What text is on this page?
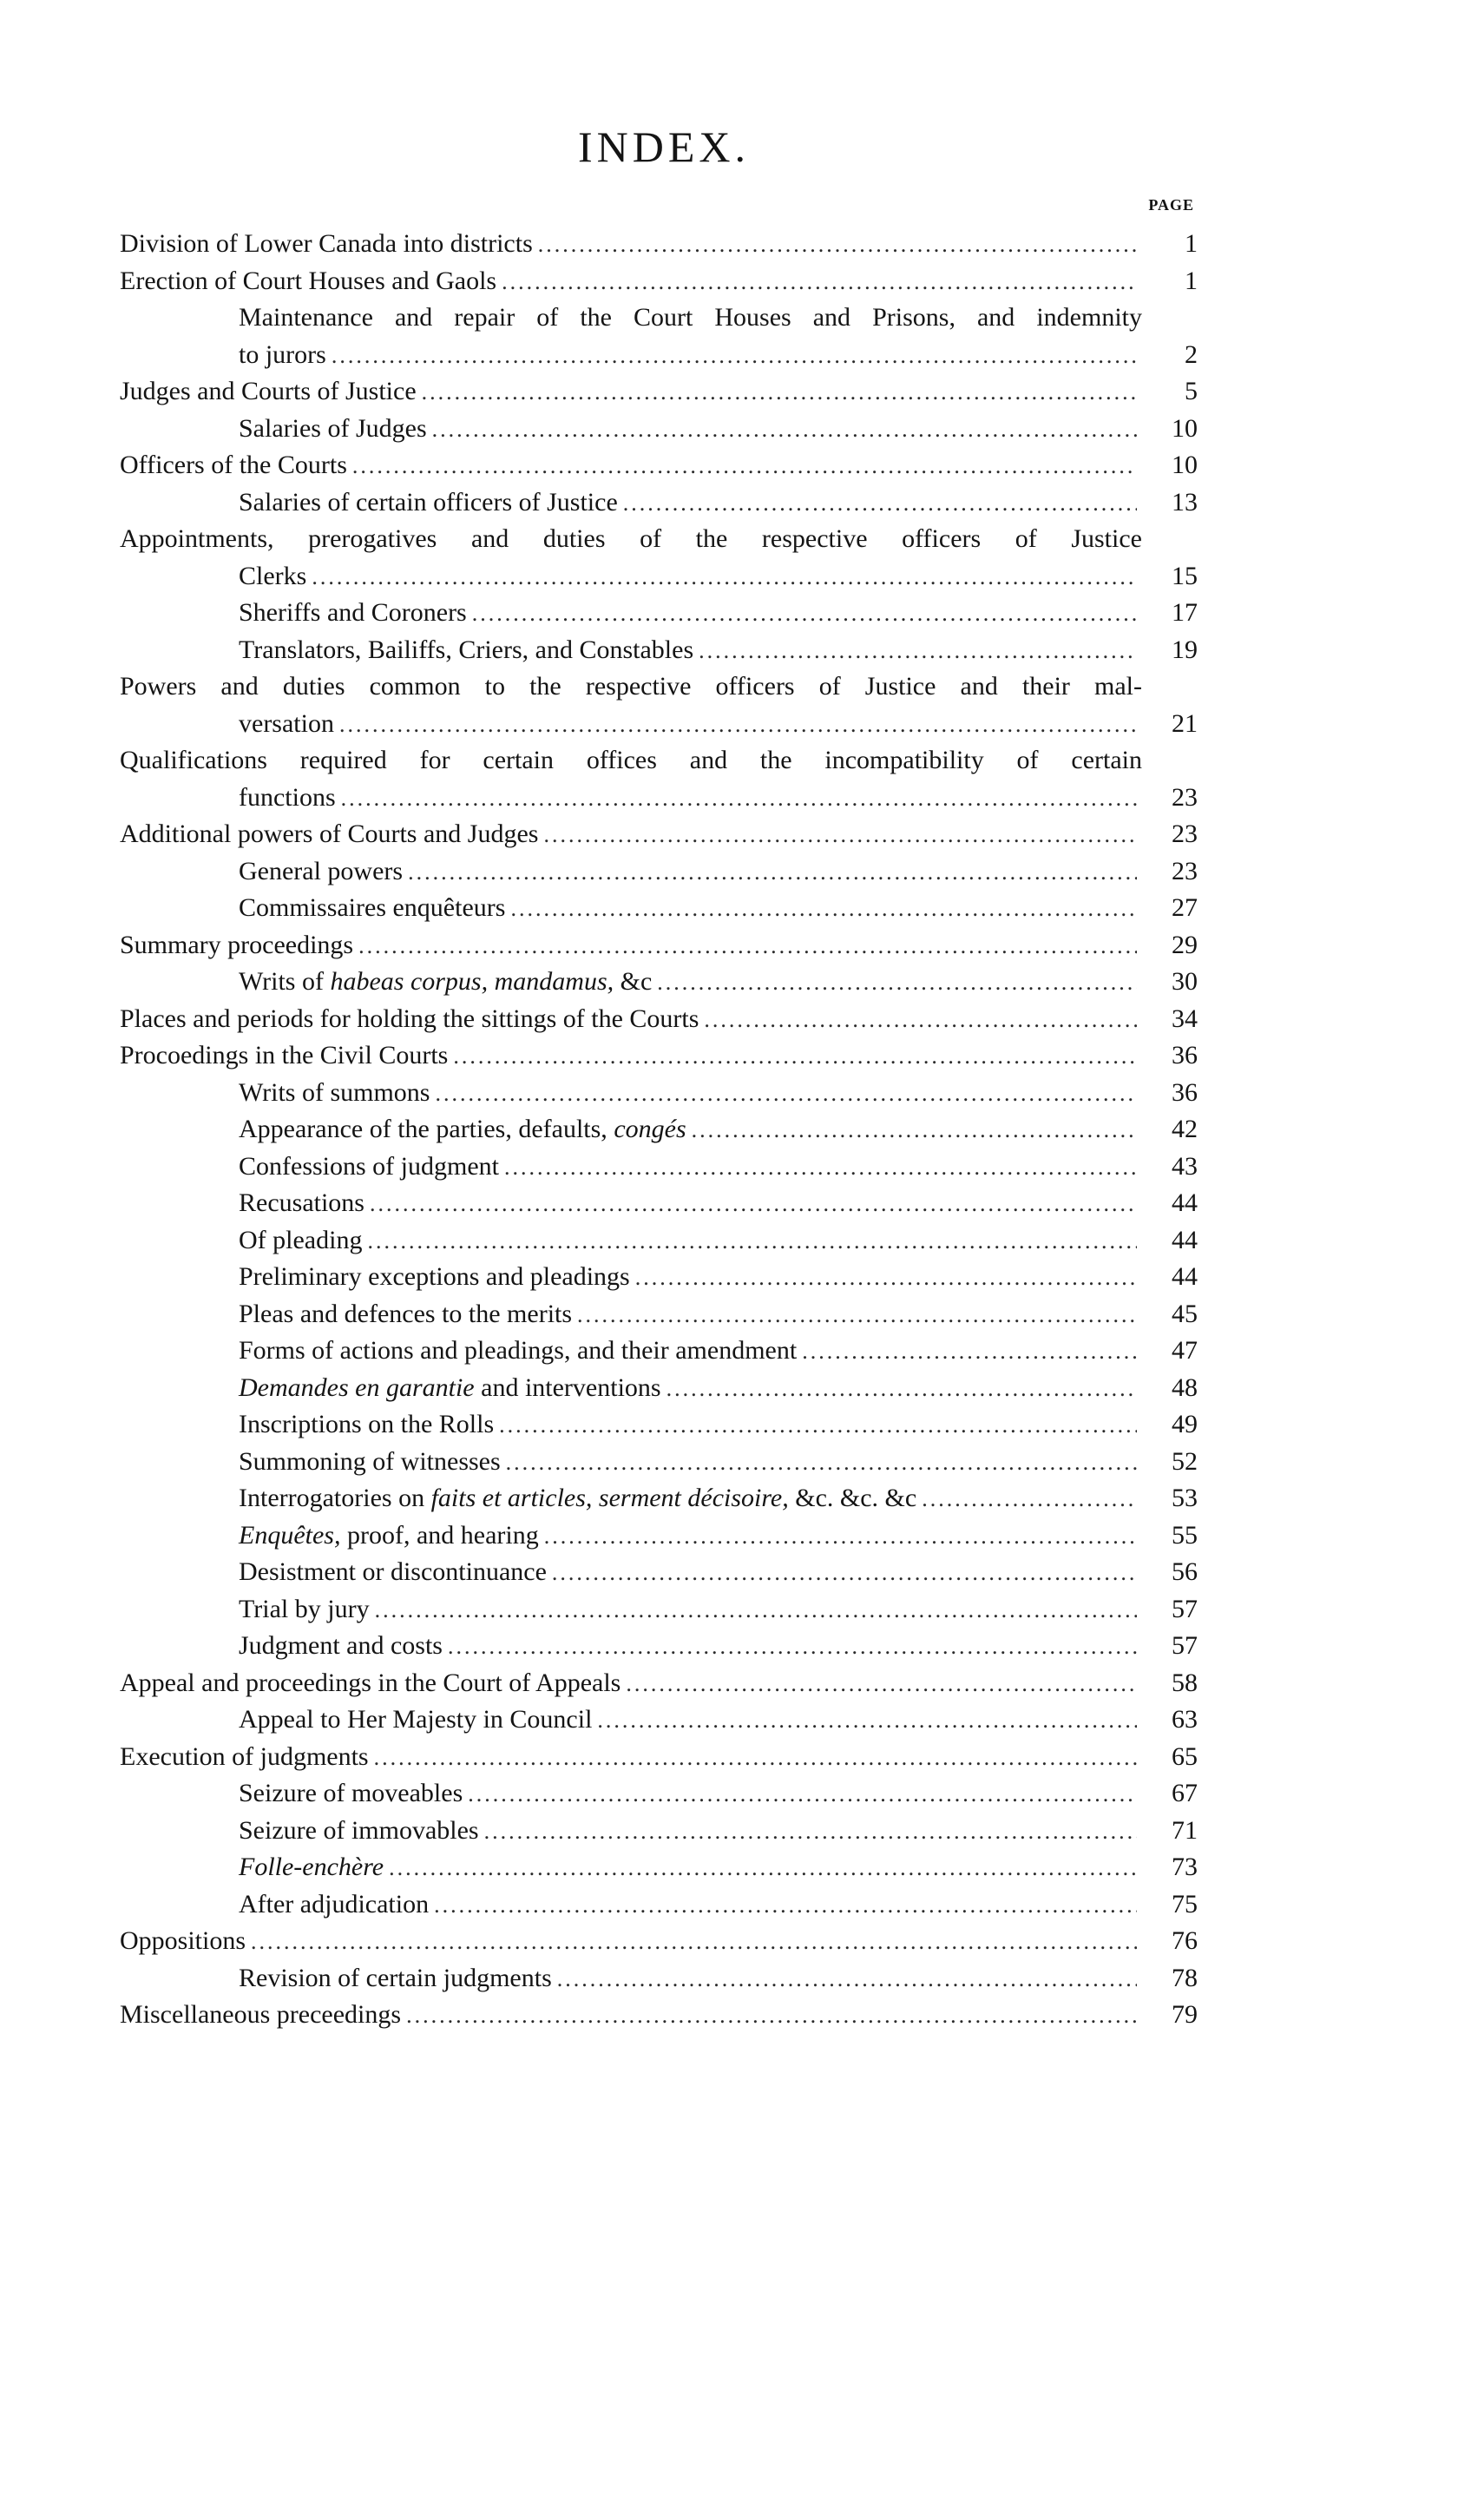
INDEX.
PAGE
Division of Lower Canada into districts .....	1
Erection of Court Houses and Gaols .....	1
Maintenance and repair of the Court Houses and Prisons, and indemnity
to jurors .....	2
Judges and Courts of Justice .....	5
Salaries of Judges .....	10
Officers of the Courts .....	10
Salaries of certain officers of Justice .....	13
Appointments, prerogatives and duties of the respective officers of Justice
Clerks .....	15
Sheriffs and Coroners .....	17
Translators, Bailiffs, Criers, and Constables .....	19
Powers and duties common to the respective officers of Justice and their mal-
versation .....	21
Qualifications required for certain offices and the incompatibility of certain
functions .....	23
Additional powers of Courts and Judges .....	23
General powers .....	23
Commissaires enquêteurs .....	27
Summary proceedings .....	29
Writs of habeas corpus, mandamus, &c .....	30
Places and periods for holding the sittings of the Courts .....	34
Procoedings in the Civil Courts .....	36
Writs of summons .....	36
Appearance of the parties, defaults, congés .....	42
Confessions of judgment .....	43
Recusations .....	44
Of pleading .....	44
Preliminary exceptions and pleadings .....	44
Pleas and defences to the merits .....	45
Forms of actions and pleadings, and their amendment .....	47
Demandes en garantie and interventions .....	48
Inscriptions on the Rolls .....	49
Summoning of witnesses .....	52
Interrogatories on faits et articles, serment décisoire, &c. &c. &c .....	53
Enquêtes, proof, and hearing .....	55
Desistment or discontinuance .....	56
Trial by jury .....	57
Judgment and costs .....	57
Appeal and proceedings in the Court of Appeals .....	58
Appeal to Her Majesty in Council .....	63
Execution of judgments .....	65
Seizure of moveables .....	67
Seizure of immovables .....	71
Folle-enchère .....	73
After adjudication .....	75
Oppositions .....	76
Revision of certain judgments .....	78
Miscellaneous preceedings .....	79
